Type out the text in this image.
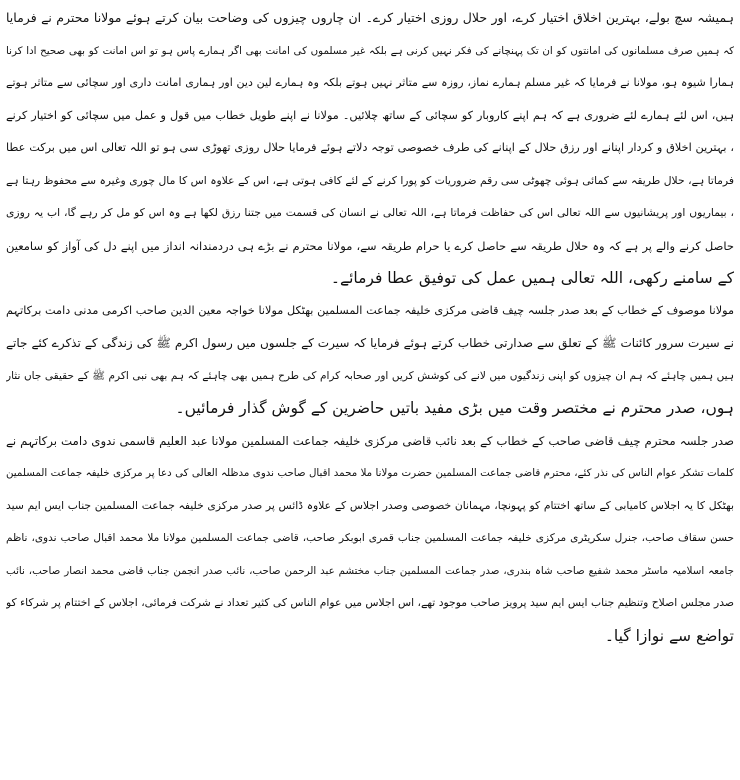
ہمیشہ سچ بولے، بہترین اخلاق اختیار کرے، اور حلال روزی اختیار کرے۔ ان چاروں چیزوں کی وضاحت بیان کرتے ہوئے مولانا محترم نے فرمایا
کہ ہمیں صرف مسلمانوں کی امانتوں کو ان تک پہنچانے کی فکر نہیں کرنی ہے بلکہ غیر مسلموں کی امانت بھی اگر ہمارے پاس ہو تو اس امانت کو بھی صحیح ادا کرنا
ہمارا شیوہ ہو، مولانا نے فرمایا کہ غیر مسلم ہمارے نماز، روزہ سے متاثر نہیں ہوتے بلکہ وہ ہمارے لین دین اور ہماری امانت داری اور سچائی سے متاثر ہوتے
ہیں، اس لئے ہمارے لئے ضروری ہے کہ ہم اپنے کاروبار کو سچائی کے ساتھ چلائیں۔ مولانا نے اپنے طویل خطاب میں قول و عمل میں سچائی کو اختیار کرنے
، بہترین اخلاق و کردار اپنانے اور رزق حلال کے اپنانے کی طرف خصوصی توجہ دلاتے ہوئے فرمایا حلال روزی تھوڑی سی ہو تو اللہ تعالی اس میں برکت عطا
فرماتا ہے، حلال طریقہ سے کمائی ہوئی چھوٹی سی رقم ضروریات کو پورا کرنے کے لئے کافی ہوتی ہے، اس کے علاوہ اس کا مال چوری وغیرہ سے محفوظ رہتا ہے
، بیماریوں اور پریشانیوں سے اللہ تعالی اس کی حفاظت فرماتا ہے، اللہ تعالی نے انسان کی قسمت میں جتنا رزق لکھا ہے وہ اس کو مل کر رہے گا، اب یہ روزی
حاصل کرنے والے پر ہے کہ وہ حلال طریقہ سے حاصل کرے یا حرام طریقہ سے، مولانا محترم نے بڑے ہی دردمندانہ انداز میں اپنے دل کی آواز کو سامعین
کے سامنے رکھی، اللہ تعالی ہمیں عمل کی توفیق عطا فرمائے۔
مولانا موصوف کے خطاب کے بعد صدر جلسہ چیف قاضی مرکزی خلیفہ جماعت المسلمین بھٹکل مولانا خواجہ معین الدین صاحب اکرمی مدنی دامت برکاتہم
نے سیرت سرور کائنات ﷺ کے تعلق سے صدارتی خطاب کرتے ہوئے فرمایا کہ سیرت کے جلسوں میں رسول اکرم ﷺ کی زندگی کے تذکرے کئے جاتے
ہیں ہمیں چاہئے کہ ہم ان چیزوں کو اپنی زندگیوں میں لانے کی کوشش کریں اور صحابہ کرام کی طرح ہمیں بھی چاہئے کہ ہم بھی نبی اکرم ﷺ کے حقیقی جاں نثار
ہوں، صدر محترم نے مختصر وقت میں بڑی مفید باتیں حاضرین کے گوش گذار فرمائیں۔
صدر جلسہ محترم چیف قاضی صاحب کے خطاب کے بعد نائب قاضی مرکزی خلیفہ جماعت المسلمین مولانا عبد العلیم قاسمی ندوی دامت برکاتہم نے
کلمات تشکر عوام الناس کی نذر کئے، محترم قاضی جماعت المسلمین حضرت مولانا ملا محمد اقبال صاحب ندوی مدظلہ العالی کی دعا پر مرکزی خلیفہ جماعت المسلمین
بھٹکل کا یہ اجلاس کامیابی کے ساتھ اختتام کو پہونچا، مہمانان خصوصی وصدر اجلاس کے علاوہ ڈائس پر صدر مرکزی خلیفہ جماعت المسلمین جناب ایس ایم سید
حسن سقاف صاحب، جنرل سکریٹری مرکزی خلیفہ جماعت المسلمین جناب قمری ابوبکر صاحب، قاضی جماعت المسلمین مولانا ملا محمد اقبال صاحب ندوی، ناظم
جامعہ اسلامیہ ماسٹر محمد شفیع صاحب شاہ بندری، صدر جماعت المسلمین جناب مختشم عبد الرحمن صاحب، نائب صدر انجمن جناب قاضی محمد انصار صاحب، نائب
صدر مجلس اصلاح وتنظیم جناب ایس ایم سید پرویز صاحب موجود تھے، اس اجلاس میں عوام الناس کی کثیر تعداد نے شرکت فرمائی، اجلاس کے اختتام پر شرکاء کو
تواضع سے نوازا گیا۔
